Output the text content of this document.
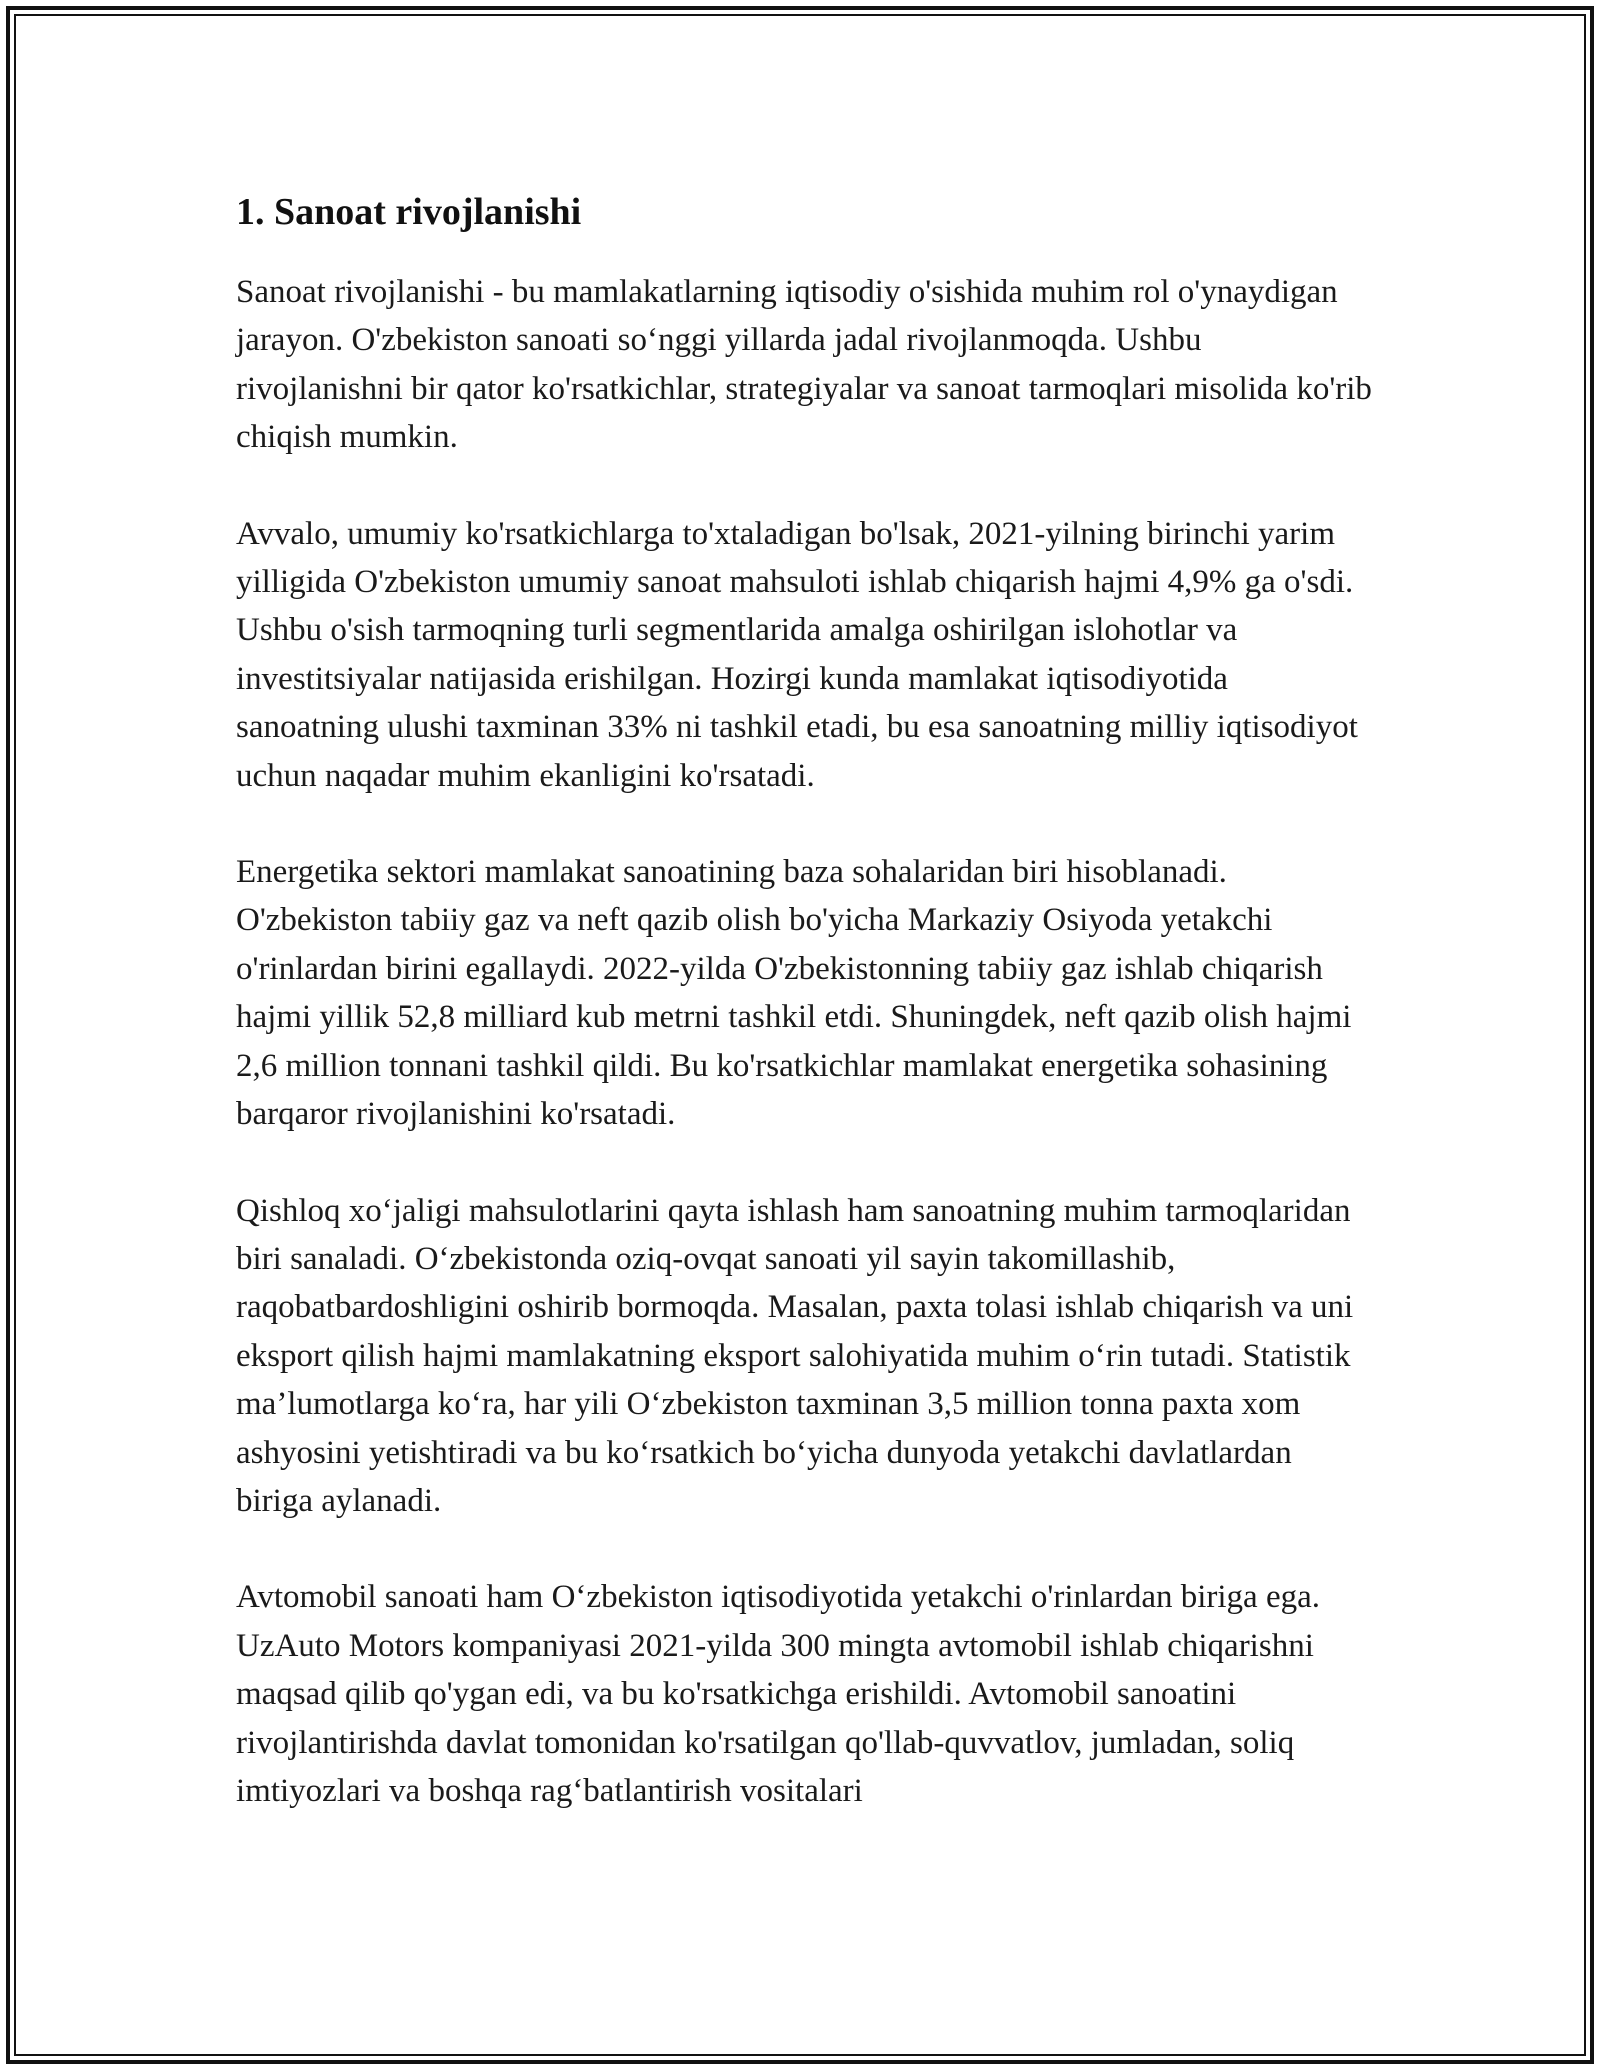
1. Sanoat rivojlanishi

Sanoat rivojlanishi - bu mamlakatlarning iqtisodiy o'sishida muhim rol o'ynaydigan jarayon. O'zbekiston sanoati so‘nggi yillarda jadal rivojlanmoqda. Ushbu rivojlanishni bir qator ko'rsatkichlar, strategiyalar va sanoat tarmoqlari misolida ko'rib chiqish mumkin.

Avvalo, umumiy ko'rsatkichlarga to'xtaladigan bo'lsak, 2021-yilning birinchi yarim yilligida O'zbekiston umumiy sanoat mahsuloti ishlab chiqarish hajmi 4,9% ga o'sdi. Ushbu o'sish tarmoqning turli segmentlarida amalga oshirilgan islohotlar va investitsiyalar natijasida erishilgan. Hozirgi kunda mamlakat iqtisodiyotida sanoatning ulushi taxminan 33% ni tashkil etadi, bu esa sanoatning milliy iqtisodiyot uchun naqadar muhim ekanligini ko'rsatadi.

Energetika sektori mamlakat sanoatining baza sohalaridan biri hisoblanadi. O'zbekiston tabiiy gaz va neft qazib olish bo'yicha Markaziy Osiyoda yetakchi o'rinlardan birini egallaydi. 2022-yilda O'zbekistonning tabiiy gaz ishlab chiqarish hajmi yillik 52,8 milliard kub metrni tashkil etdi. Shuningdek, neft qazib olish hajmi 2,6 million tonnani tashkil qildi. Bu ko'rsatkichlar mamlakat energetika sohasining barqaror rivojlanishini ko'rsatadi.

Qishloq xo‘jaligi mahsulotlarini qayta ishlash ham sanoatning muhim tarmoqlaridan biri sanaladi. O‘zbekistonda oziq-ovqat sanoati yil sayin takomillashib, raqobatbardoshligini oshirib bormoqda. Masalan, paxta tolasi ishlab chiqarish va uni eksport qilish hajmi mamlakatning eksport salohiyatida muhim o‘rin tutadi. Statistik ma’lumotlarga ko‘ra, har yili O‘zbekiston taxminan 3,5 million tonna paxta xom ashyosini yetishtiradi va bu ko‘rsatkich bo‘yicha dunyoda yetakchi davlatlardan biriga aylanadi.

Avtomobil sanoati ham O‘zbekiston iqtisodiyotida yetakchi o'rinlardan biriga ega. UzAuto Motors kompaniyasi 2021-yilda 300 mingta avtomobil ishlab chiqarishni maqsad qilib qo'ygan edi, va bu ko'rsatkichga erishildi. Avtomobil sanoatini rivojlantirishda davlat tomonidan ko'rsatilgan qo'llab-quvvatlov, jumladan, soliq imtiyozlari va boshqa rag‘batlantirish vositalari
